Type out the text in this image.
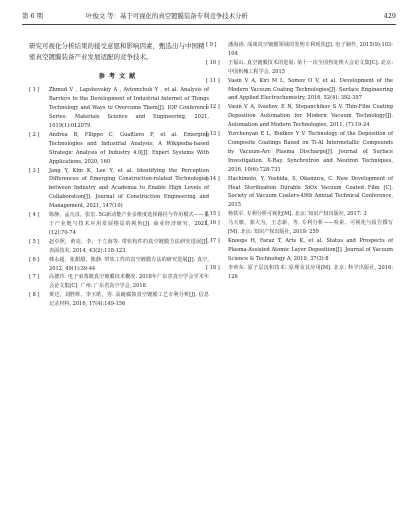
第 6 期	叶俊文 等：基于可视化的真空镀膜装备专利竞争技术分析	429

研究可视化分析结果的接受意愿和影响因素，甄选出与中国精密真空镀膜装备产业发展适配的竞争技术。

参考文献
[ 1 ]	Zhmud V , Lapshevskiy A , Avtomchuk Y , et al. Analysis of Barriers to the Development of Industrial Internet of Things Technology and Ways to Overcome Them[J]. IOP Conference Series: Materials Science and Engineering, 2021, 1019(1):012079
[ 2 ]	Andrea B, Filippo C, Gualtiero F, et al. Emerging Technologies and Industrial Analysis: A Wikipedia-based Strategic Analysis of Industry 4.0[J]. Expert Systems With Applications, 2020, 160
[ 3 ]	Jang Y, Kim K, Lee Y, et al. Identifying the Perception Differences of Emerging Construction-related Technologies between Industry and Academia to Enable High Levels of Collaboration[J]. Journal of Construction Engineering and Management, 2021, 147(10)
[ 4 ]	陈静，孟凡彦，张宏. 5G新动能产业多维度选择路径与作用模式——基于产业链与技术应用发展格局的视角[J]. 商业经济研究，2021, (12):70-74
[ 5 ]	赵卓照，黄亮，李，于立海等. 带状构件的真空镀膜方法研究进展[J]. 表面技术, 2014, 43(2):118-123
[ 6 ]	韩永超，张甜甜，陈静. 带状工件的真空镀膜方法的研究进展[J]. 真空, 2012, 49(1):39-44
[ 7 ]	高德玲. 电子束蒸镀真空镀膜技术概况. 2018年广东省真空学会学术年会论文集[C]. 广州: 广东省真空学会, 2018
[ 8 ]	黄达，刘胜辉，李玉皓，等. 高耐腐蚀真空镀膜工艺专利分析[J]. 信息记录材料, 2016, 17(4):149-156
[ 9 ]	潘海涛. 浅谈真空镀膜领域的发明专利现状[J]. 电子制作, 2015(9):103-104
[ 10 ]	王福山. 真空镀膜技术的进展. 第十一次全国热处理大会论文集[C]. 北京: 中国机械工程学会, 2015
[ 11 ]	Vasin V A, Kiri M L, Somov O V, et al. Development of the Modern Vacuum Coating Technologies[J]. Surface Engineering and Applied Electrochemistry, 2016, 52(4): 392-397
[ 12 ]	Vasin V A, Ivashov, E N, Stepanchikov S V. Thin-Film Coating Deposition Automation for Modern Vacuum Technology[J]. Automation and Modern Technologies, 2011, (7):19-24
[ 13 ]	Yurchenyan E L, Budkov Y V. Technology of the Deposition of Composite Coatings Based on Ti-Al Intermetallic Compounds by Vacuum-Arc Plasma Discharge[J]. Journal of Surface Investigation. X-Ray, Synchrotron and Neutron Techniques, 2016, 10(6):728-731
[ 14 ]	Hachimoto, Y, Yoshida, S, Okamura, C. New Development of Heat Sterilization Durable SiOx Vacuum Coated Film [C]. Society of Vacuum Coaters-49th Annual Technical Conference, 2015
[ 15 ]	杨铁军. 专利分析可视化[M]. 北京: 知识产权出版社, 2017: 3
[ 16 ]	马天旗，郭大为，王志新，等. 专利分析——检索、可视化与报告撰写[M]. 北京: 知识产权出版社, 2019: 259
[ 17 ]	Knoops H, Faraz T, Arts K, et al. Status and Prospects of Plasma-Assisted Atomic Layer Deposition[J]. Journal of Vacuum Science & Technology A, 2019, 37(3):8
[ 18 ]	李爽东. 原子层沉积技术: 原理及其应用[M]. 北京: 科学出版社, 2016: 126
